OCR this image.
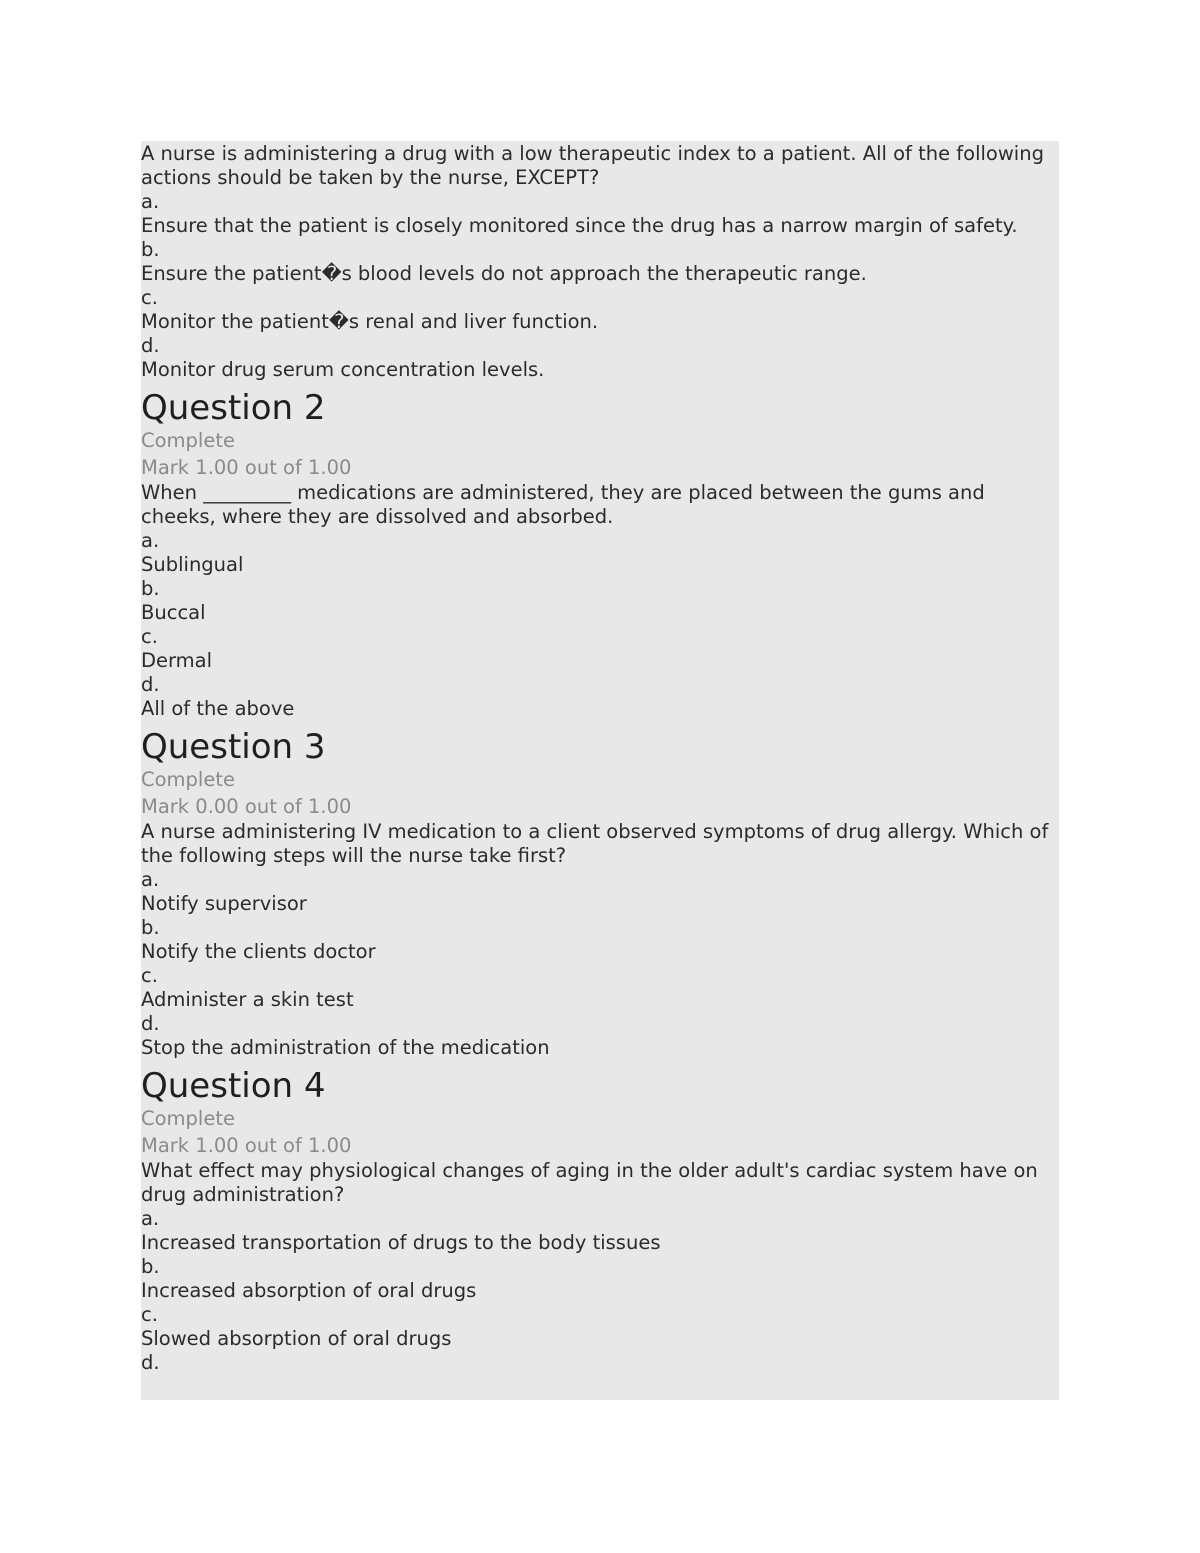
A nurse is administering a drug with a low therapeutic index to a patient. All of the following actions should be taken by the nurse, EXCEPT?

a.

Ensure that the patient is closely monitored since the drug has a narrow margin of safety.

b.

Ensure the patient�s blood levels do not approach the therapeutic range.

c.

Monitor the patient�s renal and liver function.

d.

Monitor drug serum concentration levels.

Question 2

Complete

Mark 1.00 out of 1.00

When _________ medications are administered, they are placed between the gums and cheeks, where they are dissolved and absorbed.

a.

Sublingual

b.

Buccal

c.

Dermal

d.

All of the above

Question 3

Complete

Mark 0.00 out of 1.00

A nurse administering IV medication to a client observed symptoms of drug allergy. Which of the following steps will the nurse take first?

a.

Notify supervisor

b.

Notify the clients doctor

c.

Administer a skin test

d.

Stop the administration of the medication

Question 4

Complete

Mark 1.00 out of 1.00

What effect may physiological changes of aging in the older adult's cardiac system have on drug administration?

a.

Increased transportation of drugs to the body tissues

b.

Increased absorption of oral drugs

c.

Slowed absorption of oral drugs

d.
